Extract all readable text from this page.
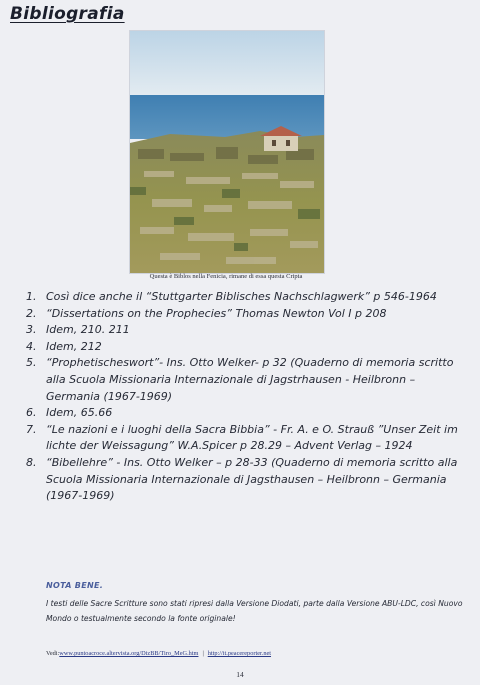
Bibliografia
Questa è Biblos nella Fenicia, rimane di essa questa Cripta
1. Così dice anche il “Stuttgarter Biblisches Nachschlagwerk” p 546-1964
2. “Dissertations on the Prophecies” Thomas Newton Vol I p 208
3. Idem, 210. 211
4. Idem, 212
5. “Prophetischeswort”- Ins. Otto Welker- p 32 (Quaderno di memoria scritto alla Scuola Missionaria Internazionale di Jagstrhausen - Heilbronn – Germania (1967-1969)
6. Idem, 65.66
7. “Le nazioni e i luoghi della Sacra Bibbia” - Fr. A. e O. Strauß ”Unser Zeit im lichte der Weissagung” W.A.Spicer p 28.29 – Advent Verlag – 1924
8. “Bibellehre” - Ins. Otto Welker – p 28-33 (Quaderno di memoria scritto alla Scuola Missionaria Internazionale di Jagsthausen – Heilbronn – Germania (1967-1969)
NOTA BENE.
I testi delle Sacre Scritture sono stati ripresi dalla Versione Diodati, parte dalla Versione ABU-LDC, così Nuovo Mondo o testualmente secondo la fonte originale!
Vedi:www.puntoacroce.altervista.org/DizBB/Tiro_MeG.htm | http://it.peacereporter.net
14
